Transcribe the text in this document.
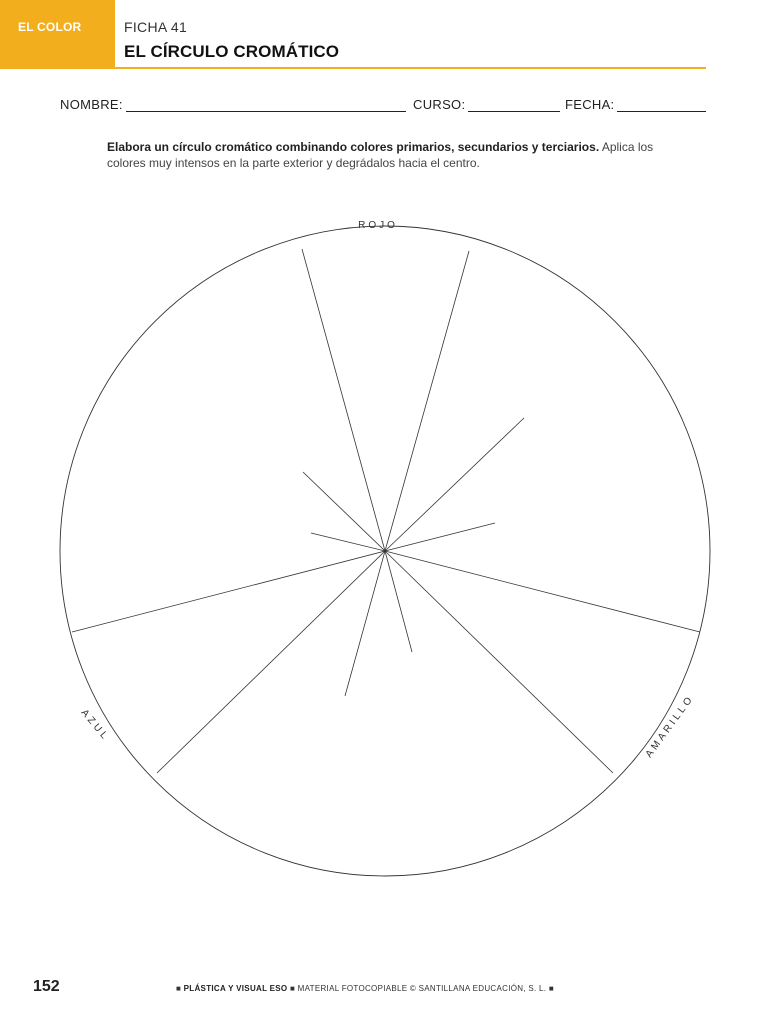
EL COLOR	FICHA 41
EL CÍRCULO CROMÁTICO
NOMBRE:	CURSO:	FECHA:
Elabora un círculo cromático combinando colores primarios, secundarios y terciarios. Aplica los colores muy intensos en la parte exterior y degrádalos hacia el centro.
ROJO
AZUL	AMARILLO
152	■ PLÁSTICA Y VISUAL ESO ■ MATERIAL FOTOCOPIABLE © SANTILLANA EDUCACIÓN, S. L. ■
